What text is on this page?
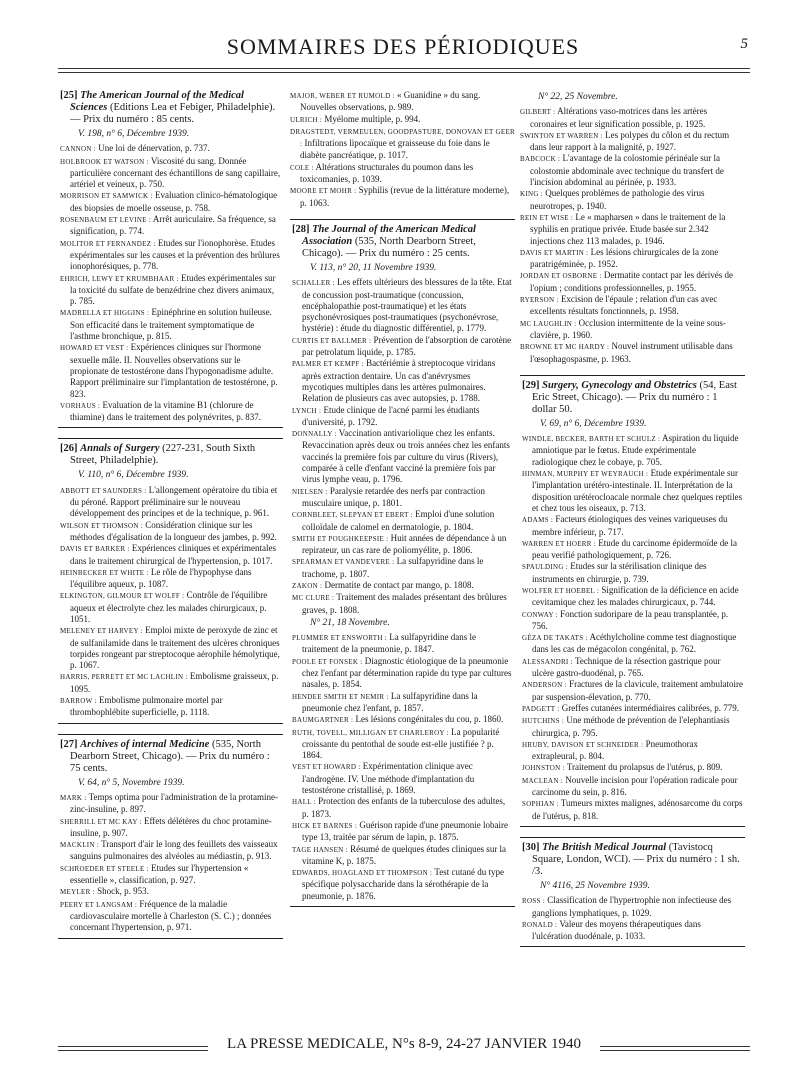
SOMMAIRES DES PÉRIODIQUES	5
[25] The American Journal of the Medical Sciences (Editions Lea et Febiger, Philadelphie). — Prix du numéro : 85 cents.
V. 198, n° 6, Décembre 1939.

CANNON : Une loi de dénervation, p. 737.

HOLBROOK ET WATSON : Viscosité du sang. Donnée particulière concernant des échantillons de sang capillaire, artériel et veineux, p. 750.

MORRISON ET SAMWICK : Evaluation clinico-hématologique des biopsies de moelle osseuse, p. 758.

ROSENBAUM ET LEVINE : Arrêt auriculaire. Sa fréquence, sa signification, p. 774.

MOLITOR ET FERNANDEZ : Etudes sur l'ionophorèse. Etudes expérimentales sur les causes et la prévention des brûlures ionophorésiques, p. 778.

EHRICH, LEWY ET KRUMBHAAR : Etudes expérimentales sur la toxicité du sulfate de benzédrine chez divers animaux, p. 785.

MADRELLA ET HIGGINS : Epinéphrine en solution huileuse. Son efficacité dans le traitement symptomatique de l'asthme bronchique, p. 815.

HOWARD ET VEST : Expériences cliniques sur l'hormone sexuelle mâle. II. Nouvelles observations sur le propionate de testostérone dans l'hypogonadisme adulte. Rapport préliminaire sur l'implantation de testostérone, p. 823.

VORHAUS : Evaluation de la vitamine B1 (chlorure de thiamine) dans le traitement des polynévrites, p. 837.

[26] Annals of Surgery (227-231, South Sixth Street, Philadelphie).
V. 110, n° 6, Décembre 1939.

ABBOTT ET SAUNDERS : L'allongement opératoire du tibia et du péroné. Rapport préliminaire sur le nouveau développement des principes et de la technique, p. 961.

WILSON ET THOMSON : Considération clinique sur les méthodes d'égalisation de la longueur des jambes, p. 992.

DAVIS ET BARKER : Expériences cliniques et expérimentales dans le traitement chirurgical de l'hypertension, p. 1017.

HEINBECKER ET WHITE : Le rôle de l'hypophyse dans l'équilibre aqueux, p. 1087.

ELKINGTON, GILMOUR ET WOLFF : Contrôle de l'équilibre aqueux et électrolyte chez les malades chirurgicaux, p. 1051.

MELENEY ET HARVEY : Emploi mixte de peroxyde de zinc et de sulfanilamide dans le traitement des ulcères chroniques torpides rongeant par streptocoque aérophile hémolytique, p. 1067.

HARRIS, PERRETT ET MC LACHLIN : Embolisme graisseux, p. 1095.

BARROW : Embolisme pulmonaire mortel par thrombophlébite superficielle, p. 1118.

[27] Archives of internal Medicine (535, North Dearborn Street, Chicago). — Prix du numéro : 75 cents.
V. 64, n° 5, Novembre 1939.

MARK : Temps optima pour l'administration de la protamine-zinc-insuline, p. 897.

SHERRILL ET MC KAY : Effets délétères du choc protamine-insuline, p. 907.

MACKLIN : Transport d'air le long des feuillets des vaisseaux sanguins pulmonaires des alvéoles au médiastin, p. 913.

SCHROEDER ET STEELE : Etudes sur l'hypertension « essentielle », classification, p. 927.

MEYLER : Shock, p. 953.

PEERY ET LANGSAM : Fréquence de la maladie cardiovasculaire mortelle à Charleston (S. C.) ; données concernant l'hypertension, p. 971.

MAJOR, WEBER ET RUMOLD : « Guanidine » du sang. Nouvelles observations, p. 989.

ULRICH : Myélome multiple, p. 994.

DRAGSTEDT, VERMEULEN, GOODPASTURE, DONOVAN ET GEER : Infiltrations lipocaïque et graisseuse du foie dans le diabète pancréatique, p. 1017.

COLE : Altérations structurales du poumon dans les toxicomanies, p. 1039.

MOORE ET MOHR : Syphilis (revue de la littérature moderne), p. 1063.

[28] The Journal of the American Medical Association (535, North Dearborn Street, Chicago). — Prix du numéro : 25 cents.
V. 113, n° 20, 11 Novembre 1939.

SCHALLER : Les effets ultérieurs des blessures de la tête. Etat de concussion post-traumatique (concussion, encéphalopathie post-traumatique) et les états psychonévrosiques post-traumatiques (psychonévrose, hystérie) : étude du diagnostic différentiel, p. 1779.

CURTIS ET BALLMER : Prévention de l'absorption de carotène par petrolatum liquide, p. 1785.

PALMER ET KEMPF : Bactériémie à streptocoque viridans après extraction dentaire. Un cas d'anévrysmes mycotiques multiples dans les artères pulmonaires. Relation de plusieurs cas avec autopsies, p. 1788.

LYNCH : Etude clinique de l'acné parmi les étudiants d'université, p. 1792.

DONNALLY : Vaccination antivariolique chez les enfants. Revaccination après deux ou trois années chez les enfants vaccinés la première fois par culture du virus (Rivers), comparée à celle d'enfant vacciné la première fois par virus lymphe veau, p. 1796.

NIELSEN : Paralysie retardée des nerfs par contraction musculaire unique, p. 1801.

CORNBLEET, SLEPYAN ET EBERT : Emploi d'une solution colloïdale de calomel en dermatologie, p. 1804.

SMITH ET POUGHKEEPSIE : Huit années de dépendance à un repirateur, un cas rare de poliomyélite, p. 1806.

SPEARMAN ET VANDEVERE : La sulfapyridine dans le trachome, p. 1807.

ZAKON : Dermatite de contact par mango, p. 1808.

MC CLURE : Traitement des malades présentant des brûlures graves, p. 1808.

N° 21, 18 Novembre.

PLUMMER ET ENSWORTH : La sulfapyridine dans le traitement de la pneumonie, p. 1847.

POOLE ET FONSEK : Diagnostic étiologique de la pneumonie chez l'enfant par détermination rapide du type par cultures nasales, p. 1854.

HENDEE SMITH ET NEMIR : La sulfapyridine dans la pneumonie chez l'enfant, p. 1857.

BAUMGARTNER : Les lésions congénitales du cou, p. 1860.

RUTH, TOVELL, MILLIGAN ET CHARLEROY : La popularité croissante du pentothal de soude est-elle justifiée ? p. 1864.

VEST ET HOWARD : Expérimentation clinique avec l'androgène. IV. Une méthode d'implantation du testostérone cristallisé, p. 1869.

HALL : Protection des enfants de la tuberculose des adultes, p. 1873.

HICK ET BARNES : Guérison rapide d'une pneumonie lobaire type 13, traitée par sérum de lapin, p. 1875.

TAGE HANSEN : Résumé de quelques études cliniques sur la vitamine K, p. 1875.

EDWARDS, HOAGLAND ET THOMPSON : Test cutané du type spécifique polysaccharide dans la sérothérapie de la pneumonie, p. 1876.

N° 22, 25 Novembre.

GILBERT : Altérations vaso-motrices dans les artères coronaires et leur signification possible, p. 1925.

SWINTON ET WARREN : Les polypes du côlon et du rectum dans leur rapport à la malignité, p. 1927.

BABCOCK : L'avantage de la colostomie périnéale sur la colostomie abdominale avec technique du transfert de l'incision abdominal au périnée, p. 1933.

KING : Quelques problèmes de pathologie des virus neurotropes, p. 1940.

REIN ET WISE : Le « mapharsen » dans le traitement de la syphilis en pratique privée. Etude basée sur 2.342 injections chez 113 malades, p. 1946.

DAVIS ET MARTIN : Les lésions chirurgicales de la zone paratrigéminée, p. 1952.

JORDAN ET OSBORNE : Dermatite contact par les dérivés de l'opium ; conditions professionnelles, p. 1955.

RYERSON : Excision de l'épaule ; relation d'un cas avec excellents résultats fonctionnels, p. 1958.

MC LAUGHLIN : Occlusion intermittente de la veine sous-clavière, p. 1960.

BROWNE ET MC HARDY : Nouvel instrument utilisable dans l'œsophagospasme, p. 1963.

[29] Surgery, Gynecology and Obstetrics (54, East Eric Street, Chicago). — Prix du numéro : 1 dollar 50.
V. 69, n° 6, Décembre 1939.

WINDLE, BECKER, BARTH ET SCHULZ : Aspiration du liquide amniotique par le fœtus. Etude expérimentale radiologique chez le cobaye, p. 705.

HINMAN, MURPHY ET WEYRAUCH : Etude expérimentale sur l'implantation urétéro-intestinale. II. Interprétation de la disposition urétérocloacale normale chez quelques reptiles et chez tous les oiseaux, p. 713.

ADAMS : Facteurs étiologiques des veines variqueuses du membre inférieur, p. 717.

WARREN ET HOERR : Etude du carcinome épidermoïde de la peau verifié pathologiquement, p. 726.

SPAULDING : Etudes sur la stérilisation clinique des instruments en chirurgie, p. 739.

WOLFER ET HOEBEL : Signification de la déficience en acide cevitamique chez les malades chirurgicaux, p. 744.

CONWAY : Fonction sudoripare de la peau transplantée, p. 756.

GÉZA DE TAKATS : Acéthylcholine comme test diagnostique dans les cas de mégacolon congénital, p. 762.

ALESSANDRI : Technique de la résection gastrique pour ulcère gastro-duodénal, p. 765.

ANDERSON : Fractures de la clavicule, traitement ambulatoire par suspension-élevation, p. 770.

PADGETT : Greffes cutanées intermédiaires calibrées, p. 779.

HUTCHINS : Une méthode de prévention de l'elephantiasis chirurgica, p. 795.

HRUBY, DAVISON ET SCHNEIDER : Pneumothorax extrapleural, p. 804.

JOHNSTON : Traitement du prolapsus de l'utérus, p. 809.

MACLEAN : Nouvelle incision pour l'opération radicale pour carcinome du sein, p. 816.

SOPHIAN : Tumeurs mixtes malignes, adénosarcome du corps de l'utérus, p. 818.

[30] The British Medical Journal (Tavistocq Square, London, WCI). — Prix du numéro : 1 sh. /3.
N° 4116, 25 Novembre 1939.

ROSS : Classification de l'hypertrophie non infectieuse des ganglions lymphatiques, p. 1029.

RONALD : Valeur des moyens thérapeutiques dans l'ulcération duodénale, p. 1033.

LA PRESSE MEDICALE, N°s 8-9, 24-27 JANVIER 1940
